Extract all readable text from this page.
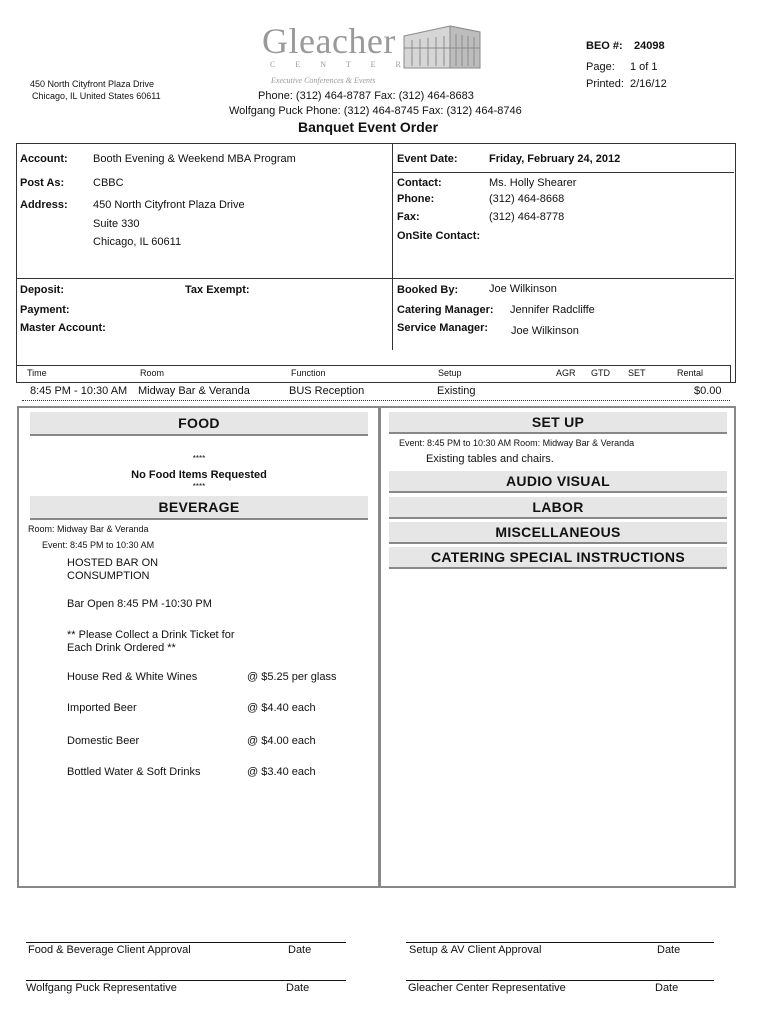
450 North Cityfront Plaza Drive
Chicago, IL United States 60611
Gleacher
C E N T E R
Executive Conferences & Events
Phone: (312) 464-8787 Fax: (312) 464-8683
Wolfgang Puck Phone: (312) 464-8745 Fax: (312) 464-8746
Banquet Event Order
BEO #: 24098
Page: 1 of 1
Printed: 2/16/12
Account: Booth Evening & Weekend MBA Program
Post As:	CBBC
Address: 450 North Cityfront Plaza Drive
Suite 330
Chicago, IL 60611
Event Date:	Friday, February 24, 2012
Contact:	Ms. Holly Shearer
Phone:	(312) 464-8668
Fax:	(312) 464-8778
OnSite Contact:
Deposit:	Tax Exempt:
Payment:
Master Account:
Booked By:	Joe Wilkinson
Catering Manager: Jennifer Radcliffe
Service Manager: Joe Wilkinson
Time	Room	Function	Setup	AGR GTD SET	Rental
8:45 PM - 10:30 AM Midway Bar & Veranda	BUS Reception	Existing	$0.00
FOOD
****
No Food Items Requested
****
BEVERAGE
Room: Midway Bar & Veranda
Event: 8:45 PM to 10:30 AM
HOSTED BAR ON
CONSUMPTION
Bar Open 8:45 PM -10:30 PM
** Please Collect a Drink Ticket for
Each Drink Ordered **
House Red & White Wines	@ $5.25 per glass
Imported Beer	@ $4.40 each
Domestic Beer	@ $4.00 each
Bottled Water & Soft Drinks	@ $3.40 each
SET UP
Event: 8:45 PM to 10:30 AM Room: Midway Bar & Veranda
Existing tables and chairs.
AUDIO VISUAL
LABOR
MISCELLANEOUS
CATERING SPECIAL INSTRUCTIONS
Food & Beverage Client Approval	Date	Setup & AV Client Approval	Date
Wolfgang Puck Representative	Date	Gleacher Center Representative	Date
